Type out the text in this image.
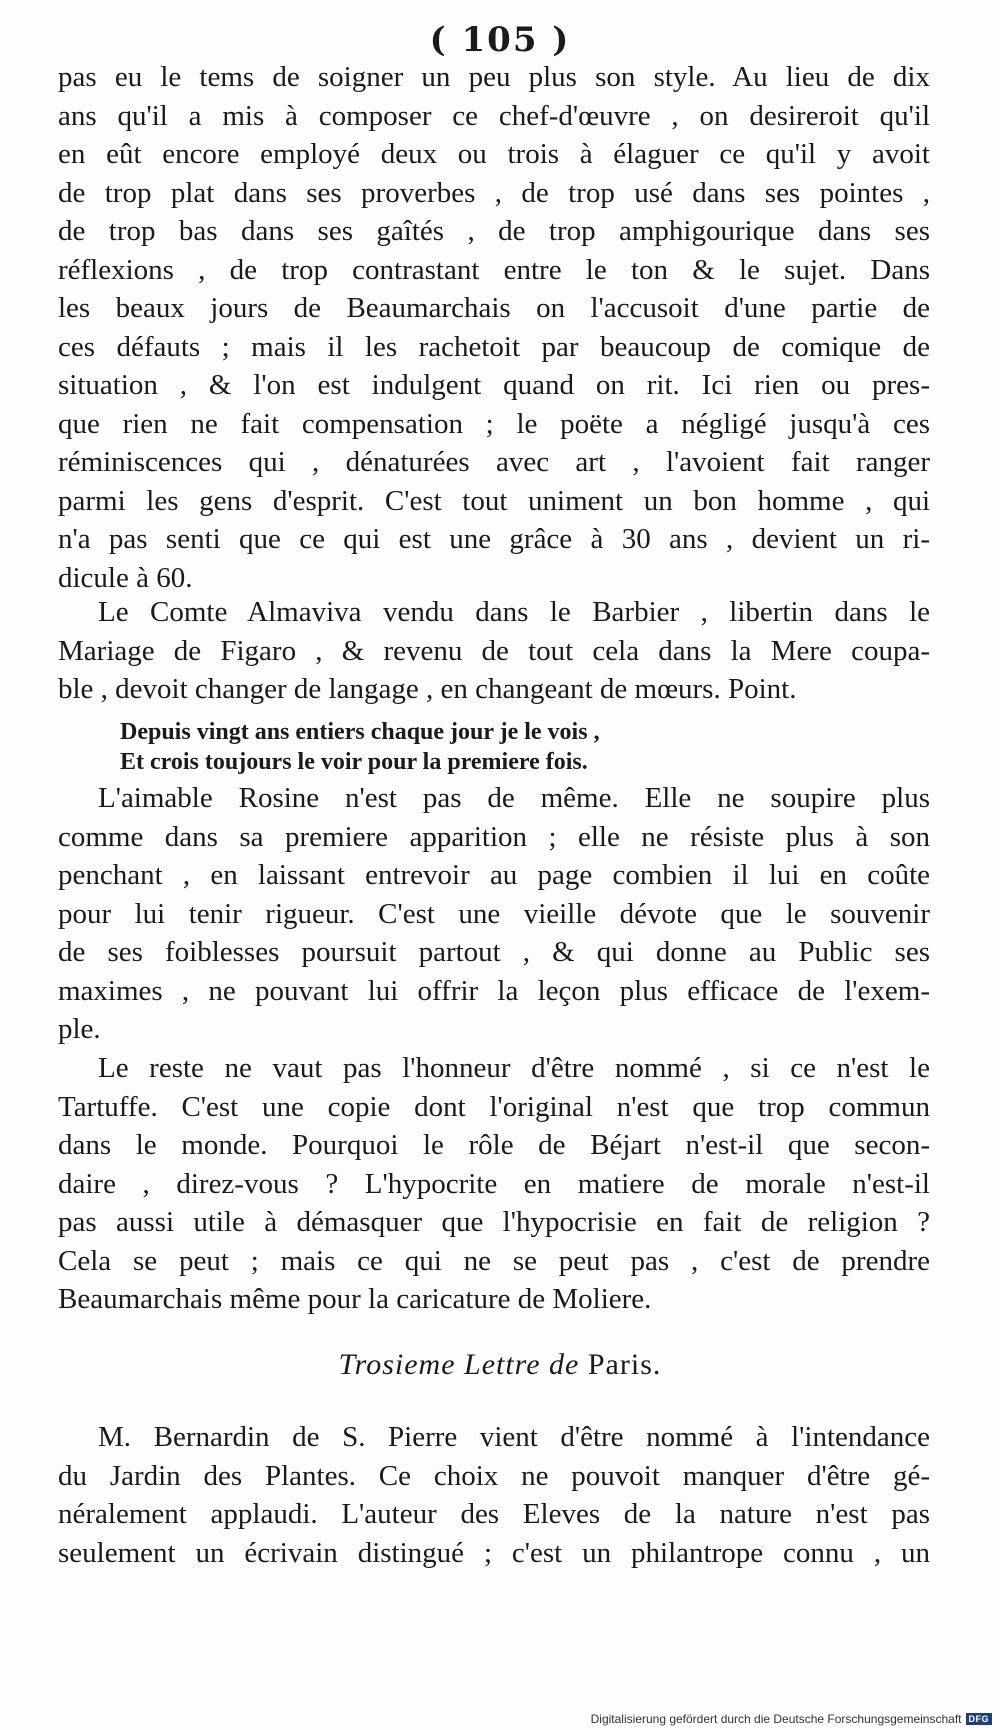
( 105 )
pas eu le tems de soigner un peu plus son style. Au lieu de dix
ans qu'il a mis à composer ce chef-d'œuvre , on desireroit qu'il
en eût encore employé deux ou trois à élaguer ce qu'il y avoit
de trop plat dans ses proverbes , de trop usé dans ses pointes ,
de trop bas dans ses gaîtés , de trop amphigourique dans ses
réflexions , de trop contrastant entre le ton & le sujet. Dans
les beaux jours de Beaumarchais on l'accusoit d'une partie de
ces défauts ; mais il les rachetoit par beaucoup de comique de
situation , & l'on est indulgent quand on rit. Ici rien ou pres-
que rien ne fait compensation ; le poëte a négligé jusqu'à ces
réminiscences qui , dénaturées avec art , l'avoient fait ranger
parmi les gens d'esprit. C'est tout uniment un bon homme , qui
n'a pas senti que ce qui est une grâce à 30 ans , devient un ri-
dicule à 60.
Le Comte Almaviva vendu dans le Barbier , libertin dans le
Mariage de Figaro , & revenu de tout cela dans la Mere coupa-
ble , devoit changer de langage , en changeant de mœurs. Point.
Depuis vingt ans entiers chaque jour je le vois ,
Et crois toujours le voir pour la premiere fois.
L'aimable Rosine n'est pas de même. Elle ne soupire plus
comme dans sa premiere apparition ; elle ne résiste plus à son
penchant , en laissant entrevoir au page combien il lui en coûte
pour lui tenir rigueur. C'est une vieille dévote que le souvenir
de ses foiblesses poursuit partout , & qui donne au Public ses
maximes , ne pouvant lui offrir la leçon plus efficace de l'exem-
ple.
Le reste ne vaut pas l'honneur d'être nommé , si ce n'est le
Tartuffe. C'est une copie dont l'original n'est que trop commun
dans le monde. Pourquoi le rôle de Béjart n'est-il que secon-
daire , direz-vous ? L'hypocrite en matiere de morale n'est-il
pas aussi utile à démasquer que l'hypocrisie en fait de religion ?
Cela se peut ; mais ce qui ne se peut pas , c'est de prendre
Beaumarchais même pour la caricature de Moliere.
Trosieme Lettre de Paris.
M. Bernardin de S. Pierre vient d'être nommé à l'intendance
du Jardin des Plantes. Ce choix ne pouvoit manquer d'être gé-
néralement applaudi. L'auteur des Eleves de la nature n'est pas
seulement un écrivain distingué ; c'est un philantrope connu , un
Digitalisierung gefördert durch die Deutsche Forschungsgemeinschaft DFG
